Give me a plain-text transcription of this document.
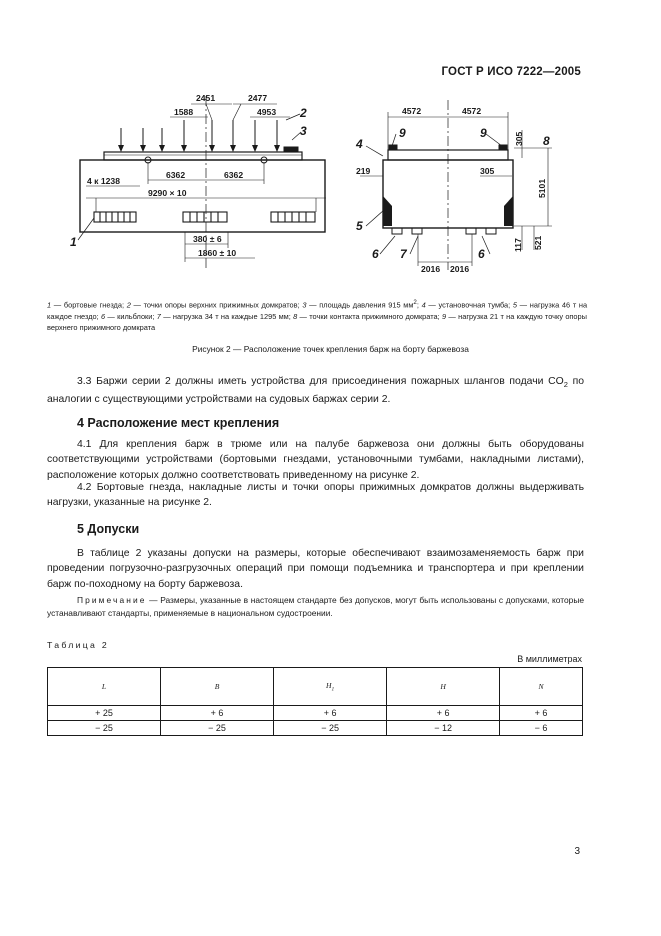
ГОСТ Р ИСО 7222—2005
2451	2477
1588	4953
6362	6362
4 к 1238
9290 × 10
380 ± 6
1860 ± 10
4572	4572
305
305
219
5101
117 521
2016 2016
1
2
3
4
5
6 7	6
8
9	9
1 — бортовые гнезда; 2 — точки опоры верхних прижимных домкратов; 3 — площадь давления 915 $мм^2$; 4 — установочная тумба; 5 — нагрузка 46 т на каждое гнездо; 6 — кильблоки; 7 — нагрузка 34 т на каждые 1295 мм; 8 — точки контакта прижимного домкрата; 9 — нагрузка 21 т на каждую точку опоры верхнего прижимного домкрата
Рисунок 2 — Расположение точек крепления барж на борту баржевоза
3.3 Баржи серии 2 должны иметь устройства для присоединения пожарных шлангов подачи $CO_2$ по аналогии с существующими устройствами на судовых баржах серии 2.
4 Расположение мест крепления
4.1 Для крепления барж в трюме или на палубе баржевоза они должны быть оборудованы соответствующими устройствами (бортовыми гнездами, установочными тумбами, накладными листами), расположение которых должно соответствовать приведенному на рисунке 2.
4.2 Бортовые гнезда, накладные листы и точки опоры прижимных домкратов должны выдерживать нагрузки, указанные на рисунке 2.
5 Допуски
В таблице 2 указаны допуски на размеры, которые обеспечивают взаимозаменяемость барж при проведении погрузочно-разгрузочных операций при помощи подъемника и транспортера и при креплении барж по-походному на борту баржевоза.
Примечание — Размеры, указанные в настоящем стандарте без допусков, могут быть использованы с допусками, которые устанавливают стандарты, применяемые в национальном судостроении.
Таблица 2
В миллиметрах
L	B	$H_1$	H	N
+ 25	+ 6	+ 6	+ 6	+ 6
− 25	− 25	− 25	− 12	− 6
3
